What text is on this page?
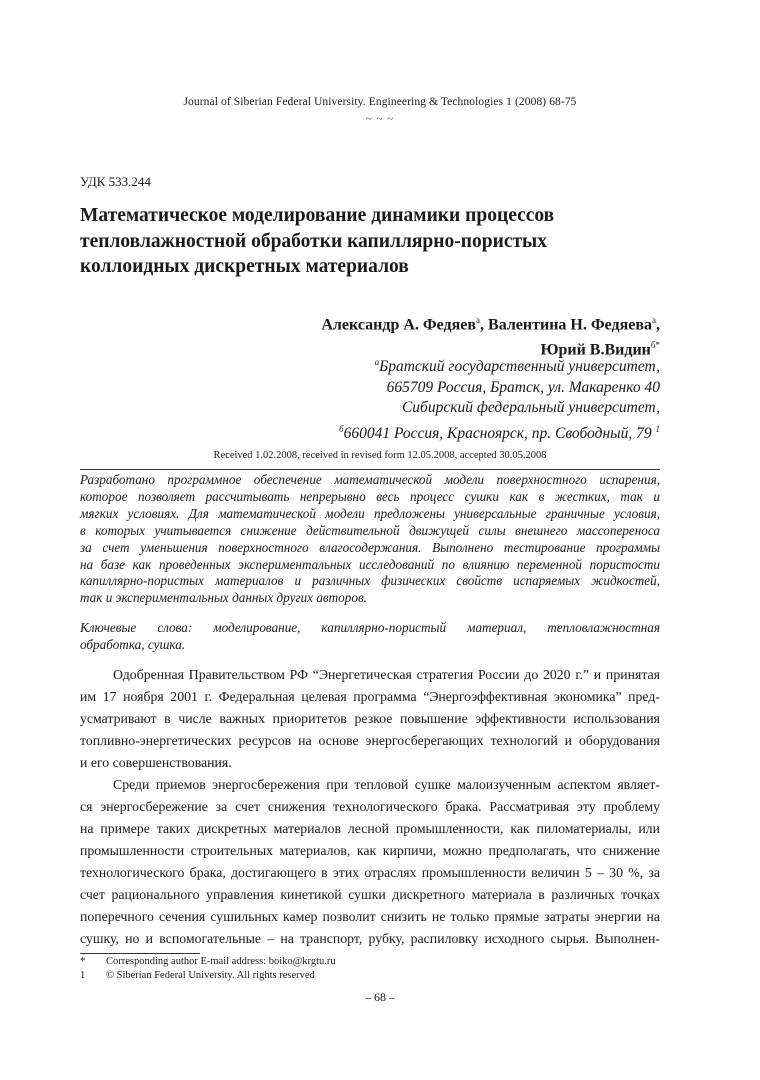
Journal of Siberian Federal University. Engineering & Technologies 1 (2008) 68-75
~ ~ ~
УДК 533.244
Математическое моделирование динамики процессов
тепловлажностной обработки капиллярно-пористых
коллоидных дискретных материалов
Александр А. Федяев$^а$, Валентина Н. Федяева$^а$,
Юрий В.Видин$^{б*}$
$^а$Братский государственный университет,
665709 Россия, Братск, ул. Макаренко 40
Сибирский федеральный университет,
$^б$660041 Россия, Красноярск, пр. Свободный, 79 $^1$
Received 1.02.2008, received in revised form 12.05.2008, accepted 30.05.2008
Разработано программное обеспечение математической модели поверхностного испарения,
которое позволяет рассчитывать непрерывно весь процесс сушки как в жестких, так и
мягких условиях. Для математической модели предложены универсальные граничные условия,
в которых учитывается снижение действительной движущей силы внешнего массопереноса
за счет уменьшения поверхностного влагосодержания. Выполнено тестирование программы
на базе как проведенных экспериментальных исследований по влиянию переменной пористости
капиллярно-пористых материалов и различных физических свойств испаряемых жидкостей,
так и экспериментальных данных других авторов.
Ключевые слова: моделирование, капиллярно-пористый материал, тепловлажностная
обработка, сушка.
Одобренная Правительством РФ “Энергетическая стратегия России до 2020 г.” и принятая
им 17 ноября 2001 г. Федеральная целевая программа “Энергоэффективная экономика” пред-
усматривают в числе важных приоритетов резкое повышение эффективности использования
топливно-энергетических ресурсов на основе энергосберегающих технологий и оборудования
и его совершенствования.
Среди приемов энергосбережения при тепловой сушке малоизученным аспектом являет-
ся энергосбережение за счет снижения технологического брака. Рассматривая эту проблему
на примере таких дискретных материалов лесной промышленности, как пиломатериалы, или
промышленности строительных материалов, как кирпичи, можно предполагать, что снижение
технологического брака, достигающего в этих отраслях промышленности величин 5 – 30 %, за
счет рационального управления кинетикой сушки дискретного материала в различных точках
поперечного сечения сушильных камер позволит снизить не только прямые затраты энергии на
сушку, но и вспомогательные – на транспорт, рубку, распиловку исходного сырья. Выполнен-
* Corresponding author E-mail address: boiko@krgtu.ru
1 © Siberian Federal University. All rights reserved
– 68 –
